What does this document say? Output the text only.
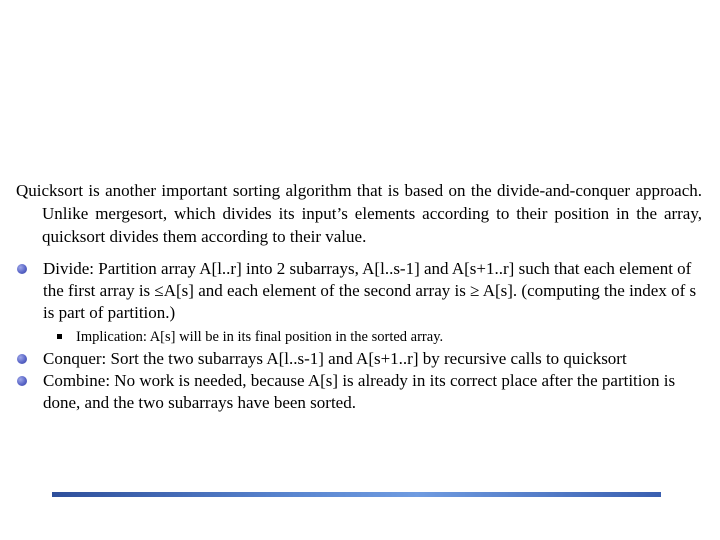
Quicksort is another important sorting algorithm that is based on the divide-and-conquer approach. Unlike mergesort, which divides its input’s elements according to their position in the array, quicksort divides them according to their value.

Divide: Partition array A[l..r] into 2 subarrays, A[l..s-1] and A[s+1..r] such that each element of the first array is ≤A[s] and each element of the second array is ≥ A[s]. (computing the index of s is part of partition.)
Implication: A[s] will be in its final position in the sorted array.
Conquer: Sort the two subarrays A[l..s-1] and A[s+1..r] by recursive calls to quicksort
Combine: No work is needed, because A[s] is already in its correct place after the partition is done, and the two subarrays have been sorted.
